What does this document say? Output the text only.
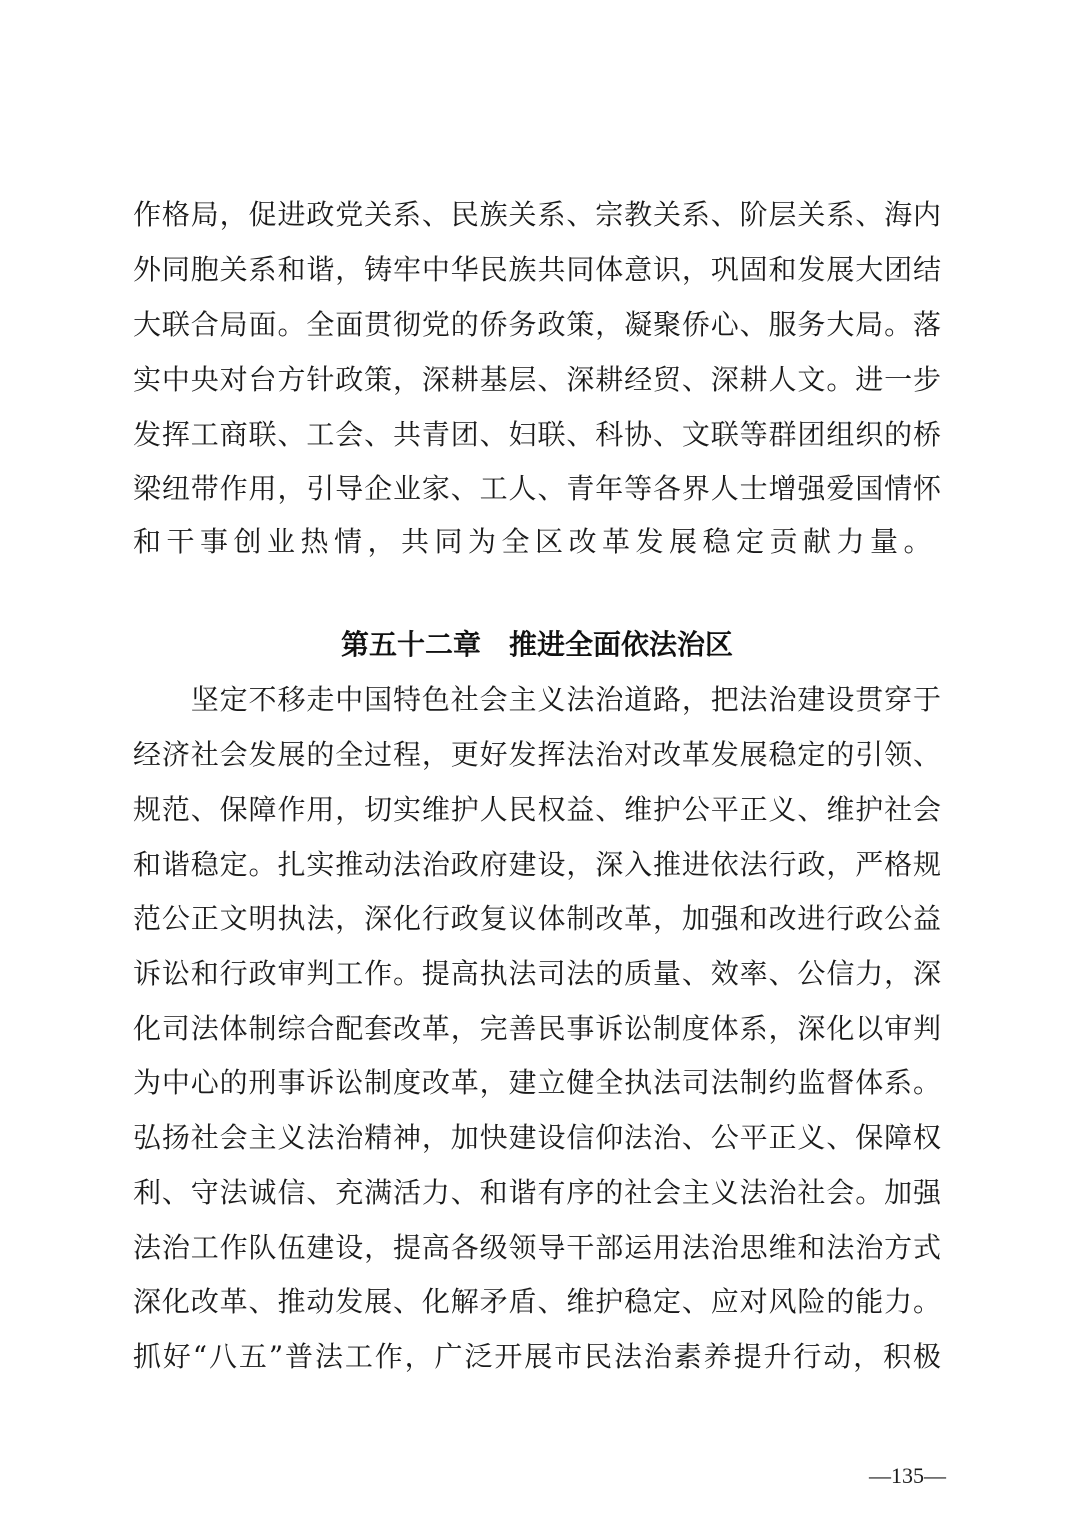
作格局，促进政党关系、民族关系、宗教关系、阶层关系、海内
外同胞关系和谐，铸牢中华民族共同体意识，巩固和发展大团结
大联合局面。全面贯彻党的侨务政策，凝聚侨心、服务大局。落
实中央对台方针政策，深耕基层、深耕经贸、深耕人文。进一步
发挥工商联、工会、共青团、妇联、科协、文联等群团组织的桥
梁纽带作用，引导企业家、工人、青年等各界人士增强爱国情怀
和干事创业热情，共同为全区改革发展稳定贡献力量。
第五十二章　推进全面依法治区
　　坚定不移走中国特色社会主义法治道路，把法治建设贯穿于
经济社会发展的全过程，更好发挥法治对改革发展稳定的引领、
规范、保障作用，切实维护人民权益、维护公平正义、维护社会
和谐稳定。扎实推动法治政府建设，深入推进依法行政，严格规
范公正文明执法，深化行政复议体制改革，加强和改进行政公益
诉讼和行政审判工作。提高执法司法的质量、效率、公信力，深
化司法体制综合配套改革，完善民事诉讼制度体系，深化以审判
为中心的刑事诉讼制度改革，建立健全执法司法制约监督体系。
弘扬社会主义法治精神，加快建设信仰法治、公平正义、保障权
利、守法诚信、充满活力、和谐有序的社会主义法治社会。加强
法治工作队伍建设，提高各级领导干部运用法治思维和法治方式
深化改革、推动发展、化解矛盾、维护稳定、应对风险的能力。
抓好“八五”普法工作，广泛开展市民法治素养提升行动，积极
—135—
